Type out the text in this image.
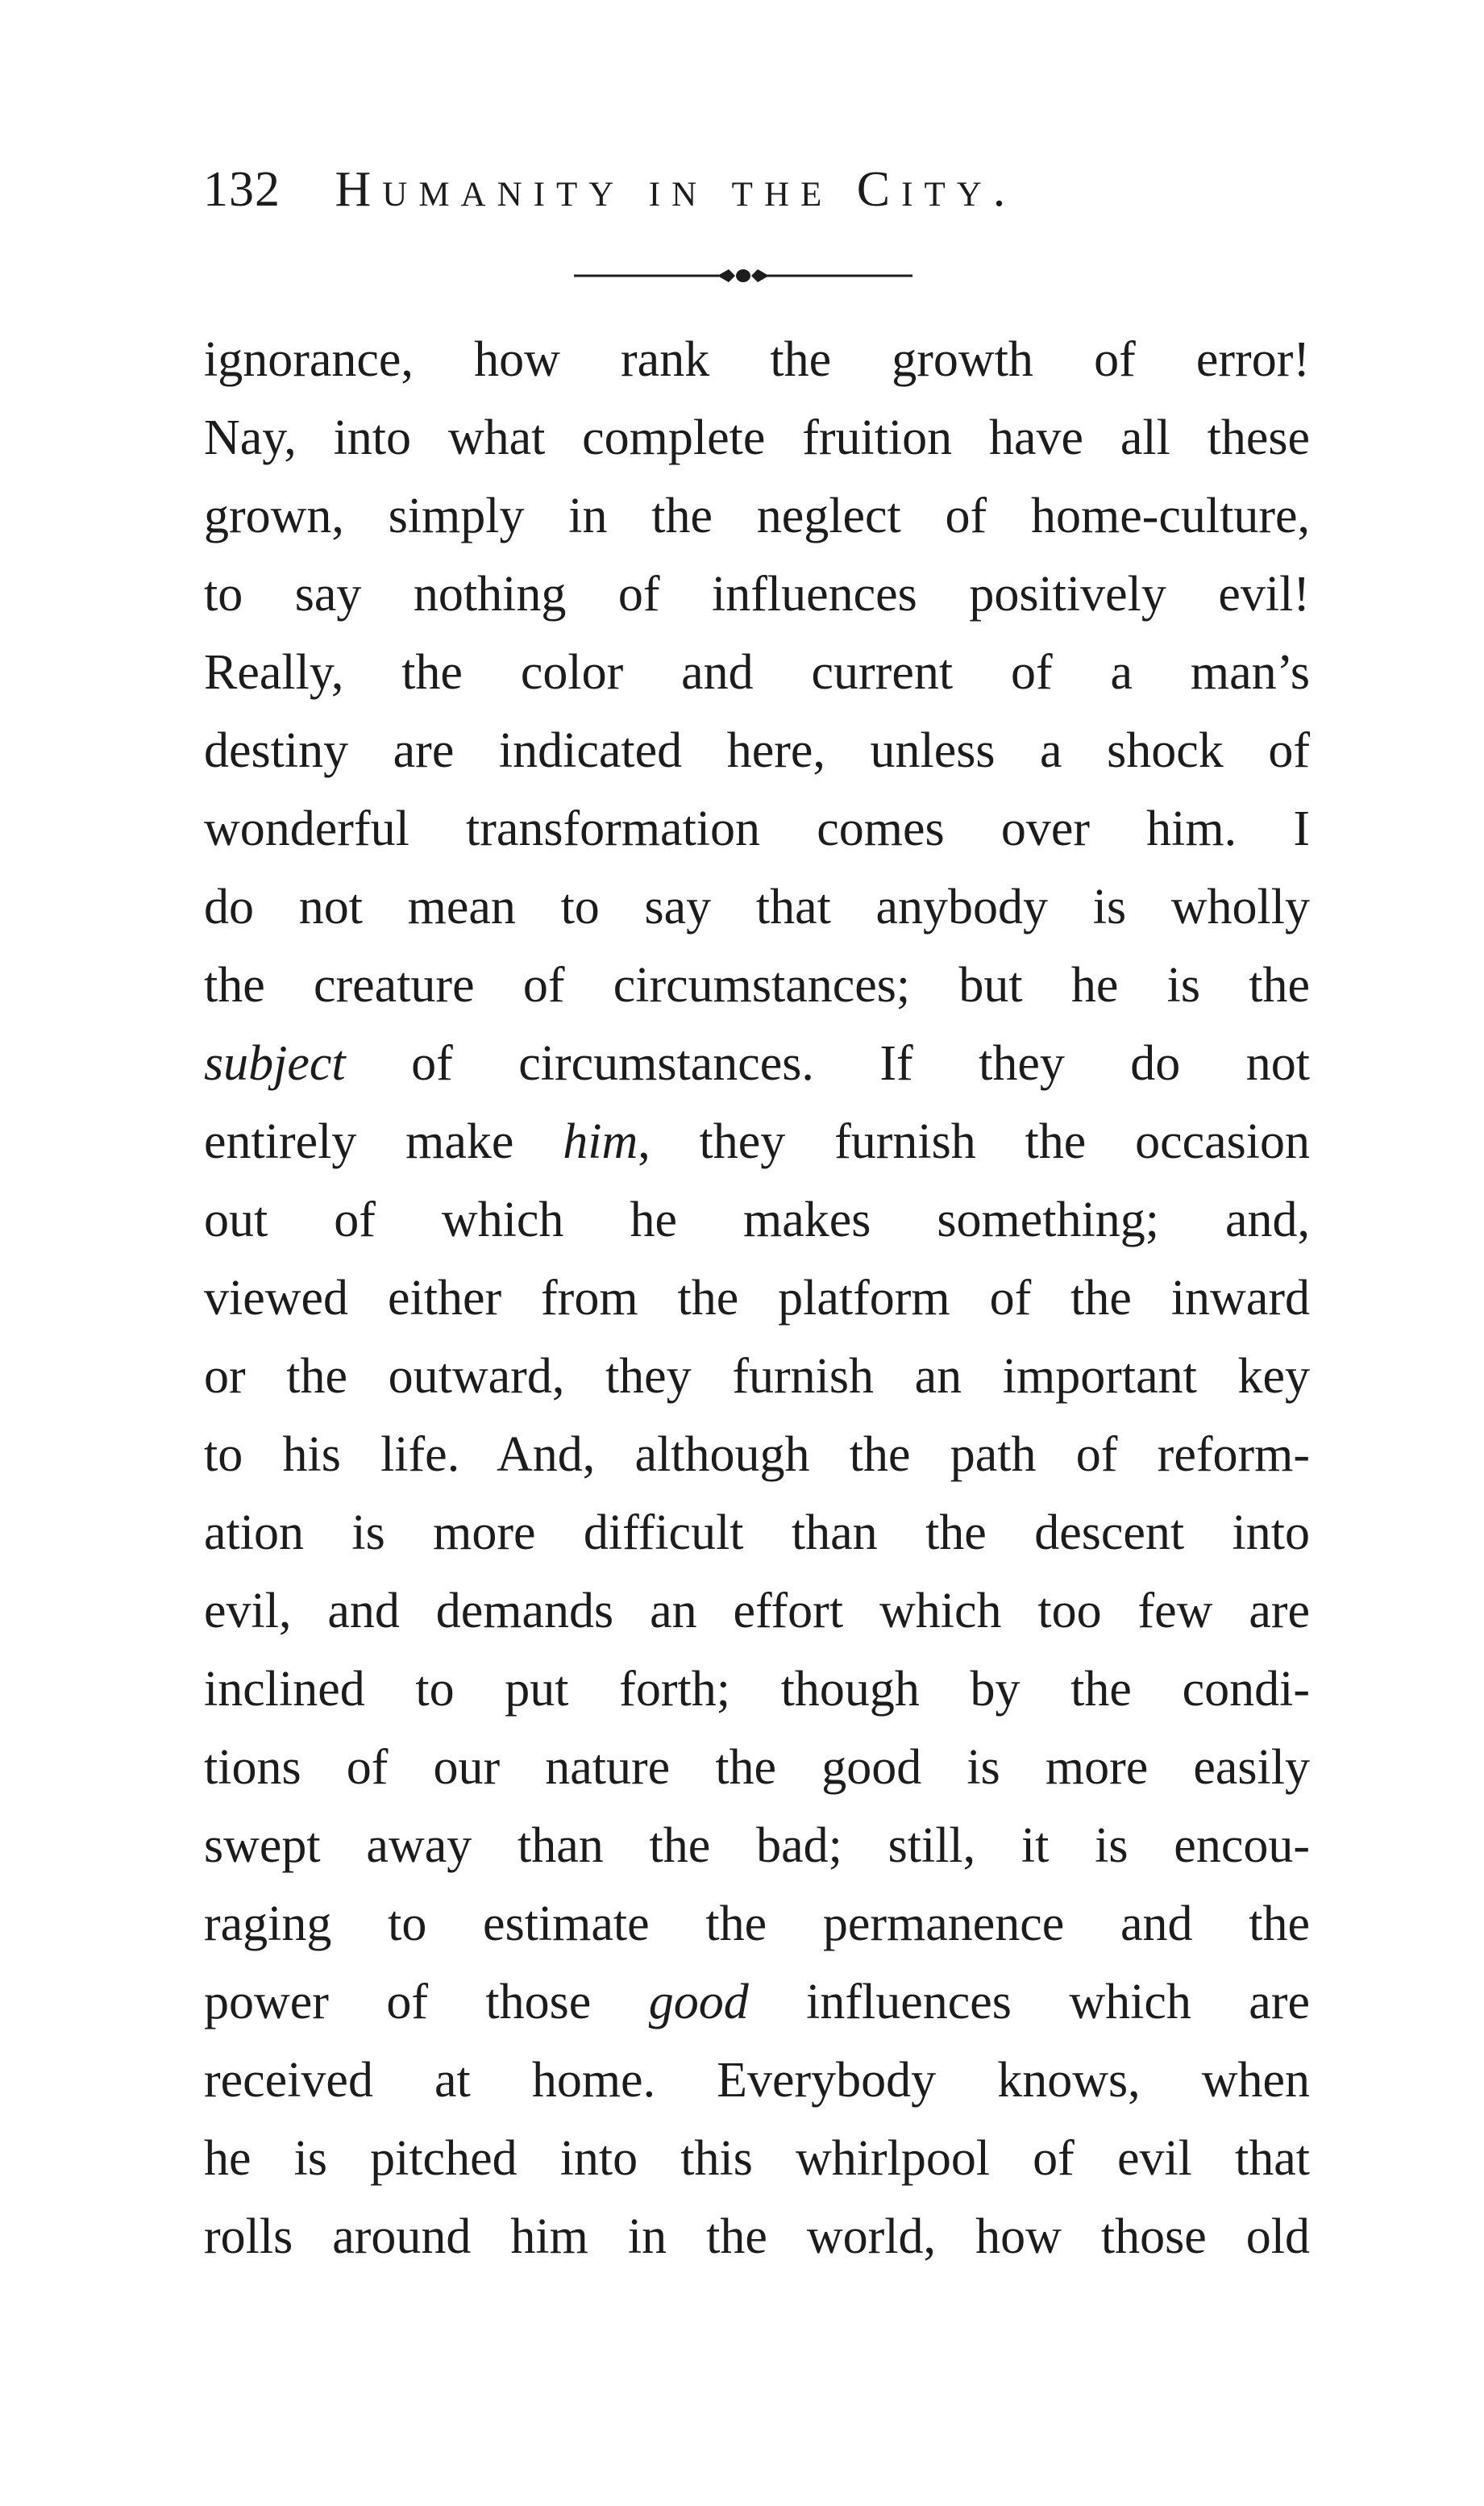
132 Humanity in the City.
ignorance, how rank the growth of error!
Nay, into what complete fruition have all these
grown, simply in the neglect of home-culture,
to say nothing of influences positively evil!
Really, the color and current of a man’s
destiny are indicated here, unless a shock of
wonderful transformation comes over him. I
do not mean to say that anybody is wholly
the creature of circumstances; but he is the
subject of circumstances. If they do not
entirely make him, they furnish the occasion
out of which he makes something; and,
viewed either from the platform of the inward
or the outward, they furnish an important key
to his life. And, although the path of reform-
ation is more difficult than the descent into
evil, and demands an effort which too few are
inclined to put forth; though by the condi-
tions of our nature the good is more easily
swept away than the bad; still, it is encou-
raging to estimate the permanence and the
power of those good influences which are
received at home. Everybody knows, when
he is pitched into this whirlpool of evil that
rolls around him in the world, how those old
